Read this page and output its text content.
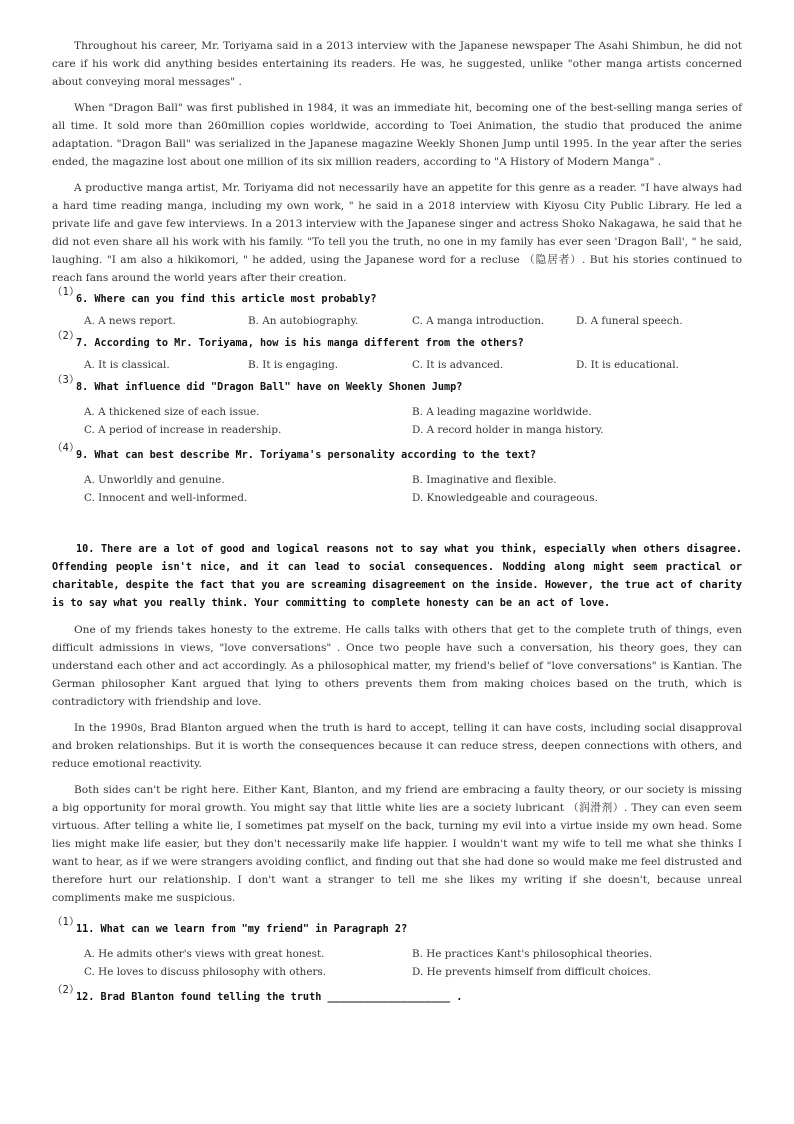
Throughout his career, Mr. Toriyama said in a 2013 interview with the Japanese newspaper The Asahi Shimbun, he did not care if his work did anything besides entertaining its readers. He was, he suggested, unlike "other manga artists concerned about conveying moral messages" .

When "Dragon Ball" was first published in 1984, it was an immediate hit, becoming one of the best-selling manga series of all time. It sold more than 260million copies worldwide, according to Toei Animation, the studio that produced the anime adaptation. "Dragon Ball" was serialized in the Japanese magazine Weekly Shonen Jump until 1995. In the year after the series ended, the magazine lost about one million of its six million readers, according to "A History of Modern Manga" .

A productive manga artist, Mr. Toriyama did not necessarily have an appetite for this genre as a reader. "I have always had a hard time reading manga, including my own work, " he said in a 2018 interview with Kiyosu City Public Library. He led a private life and gave few interviews. In a 2013 interview with the Japanese singer and actress Shoko Nakagawa, he said that he did not even share all his work with his family. "To tell you the truth, no one in my family has ever seen 'Dragon Ball', " he said, laughing. "I am also a hikikomori, " he added, using the Japanese word for a recluse （隐居者）. But his stories continued to reach fans around the world years after their creation.

（1）
6. Where can you find this article most probably?
A. A news report.	B. An autobiography.	C. A manga introduction.	D. A funeral speech.
（2）
7. According to Mr. Toriyama, how is his manga different from the others?
A. It is classical.	B. It is engaging.	C. It is advanced.	D. It is educational.
（3）
8. What influence did "Dragon Ball" have on Weekly Shonen Jump?
A. A thickened size of each issue.	B. A leading magazine worldwide.
C. A period of increase in readership.	D. A record holder in manga history.
（4）
9. What can best describe Mr. Toriyama's personality according to the text?
A. Unworldly and genuine.	B. Imaginative and flexible.
C. Innocent and well-informed.	D. Knowledgeable and courageous.

10. There are a lot of good and logical reasons not to say what you think, especially when others disagree. Offending people isn't nice, and it can lead to social consequences. Nodding along might seem practical or charitable, despite the fact that you are screaming disagreement on the inside. However, the true act of charity is to say what you really think. Your committing to complete honesty can be an act of love.

One of my friends takes honesty to the extreme. He calls talks with others that get to the complete truth of things, even difficult admissions in views, "love conversations" . Once two people have such a conversation, his theory goes, they can understand each other and act accordingly. As a philosophical matter, my friend's belief of "love conversations" is Kantian. The German philosopher Kant argued that lying to others prevents them from making choices based on the truth, which is contradictory with friendship and love.

In the 1990s, Brad Blanton argued when the truth is hard to accept, telling it can have costs, including social disapproval and broken relationships. But it is worth the consequences because it can reduce stress, deepen connections with others, and reduce emotional reactivity.

Both sides can't be right here. Either Kant, Blanton, and my friend are embracing a faulty theory, or our society is missing a big opportunity for moral growth. You might say that little white lies are a society lubricant （润滑剂）. They can even seem virtuous. After telling a white lie, I sometimes pat myself on the back, turning my evil into a virtue inside my own head. Some lies might make life easier, but they don't necessarily make life happier. I wouldn't want my wife to tell me what she thinks I want to hear, as if we were strangers avoiding conflict, and finding out that she had done so would make me feel distrusted and therefore hurt our relationship. I don't want a stranger to tell me she likes my writing if she doesn't, because unreal compliments make me suspicious.

（1）
11. What can we learn from "my friend" in Paragraph 2?
A. He admits other's views with great honest.	B. He practices Kant's philosophical theories.
C. He loves to discuss philosophy with others.	D. He prevents himself from difficult choices.
（2）
12. Brad Blanton found telling the truth ____________________ .
